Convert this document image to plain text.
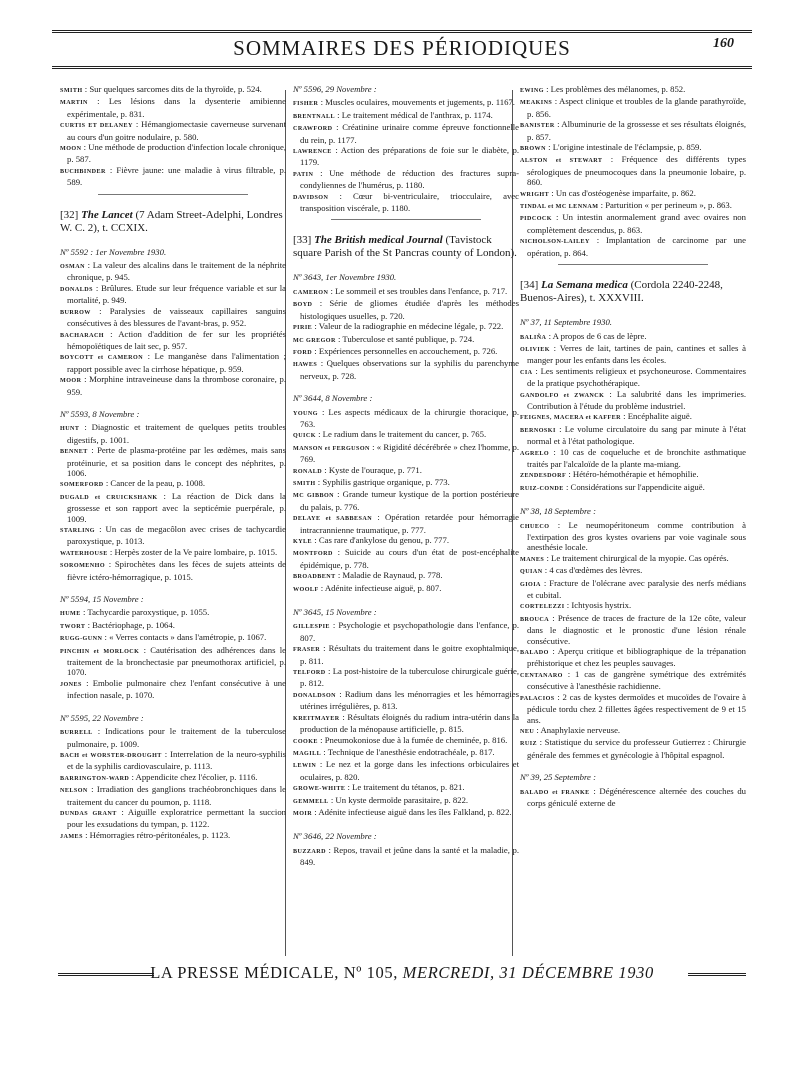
SOMMAIRES DES PÉRIODIQUES	160
SMITH : Sur quelques sarcomes dits de la thyroïde, p. 524.
MARTIN : Les lésions dans la dysenterie amibienne expérimentale, p. 831.
CURTIS ET DELANEY : Hémangiomectasie caverneuse survenant au cours d'un goitre nodulaire, p. 580.
MOON : Une méthode de production d'infection locale chronique, p. 587.
BUCHBINDER : Fièvre jaune: une maladie à virus filtrable, p. 589.
[32] The Lancet (7 Adam Street-Adelphi, Londres W. C. 2), t. CCXIX.
Nº 5592 : 1er Novembre 1930.
OSMAN : La valeur des alcalins dans le traitement de la néphrite chronique, p. 945.
DONALDS : Brûlures. Etude sur leur fréquence variable et sur la mortalité, p. 949.
BURROW : Paralysies de vaisseaux capillaires sanguins consécutives à des blessures de l'avant-bras, p. 952.
BACHARACH : Action d'addition de fer sur les propriétés hémopoïétiques de lait sec, p. 957.
BOYCOTT et CAMERON : Le manganèse dans l'alimentation ; rapport possible avec la cirrhose hépatique, p. 959.
MOOR : Morphine intraveineuse dans la thrombose coronaire, p. 959.
Nº 5593, 8 Novembre :
HUNT : Diagnostic et traitement de quelques petits troubles digestifs, p. 1001.
BENNET : Perte de plasma-protéine par les œdèmes, mais sans protéinurie, et sa position dans le concept des néphrites, p. 1006.
SOMERFORD : Cancer de la peau, p. 1008.
DUGALD et CRUICKSHANK : La réaction de Dick dans la grossesse et son rapport avec la septicémie puerpérale, p. 1009.
STARLING : Un cas de megacôlon avec crises de tachycardie paroxystique, p. 1013.
WATERHOUSE : Herpès zoster de la Ve paire lombaire, p. 1015.
SOROMENHO : Spirochètes dans les fèces de sujets atteints de fièvre ictéro-hémorragique, p. 1015.
Nº 5594, 15 Novembre :
HUME : Tachycardie paroxystique, p. 1055.
TWORT : Bactériophage, p. 1064.
RUGG-GUNN : « Verres contacts » dans l'amétropie, p. 1067.
PINCHIN et MORLOCK : Cautérisation des adhérences dans le traitement de la bronchectasie par pneumothorax artificiel, p. 1070.
JONES : Embolie pulmonaire chez l'enfant consécutive à une infection nasale, p. 1070.
Nº 5595, 22 Novembre :
BURRELL : Indications pour le traitement de la tuberculose pulmonaire, p. 1009.
BACH et WORSTER-DROUGHT : Interrelation de la neuro-syphilis et de la syphilis cardiovasculaire, p. 1113.
BARRINGTON-WARD : Appendicite chez l'écolier, p. 1116.
NELSON : Irradiation des ganglions trachéobronchiques dans le traitement du cancer du poumon, p. 1118.
DUNDAS GRANT : Aiguille exploratrice permettant la succion pour les exsudations du tympan, p. 1122.
JAMES : Hémorragies rétro-péritonéales, p. 1123.
Nº 5596, 29 Novembre :
FISHER : Muscles oculaires, mouvements et jugements, p. 1167.
BRENTNALL : Le traitement médical de l'anthrax, p. 1174.
CRAWFORD : Créatinine urinaire comme épreuve fonctionnelle du rein, p. 1177.
LAWRENCE : Action des préparations de foie sur le diabète, p. 1179.
PATIN : Une méthode de réduction des fractures supra-condyliennes de l'humérus, p. 1180.
DAVIDSON : Cœur bi-ventriculaire, triocculaire, avec transposition viscérale, p. 1180.
[33] The British medical Journal (Tavistock square Parish of the St Pancras county of London).
Nº 3643, 1er Novembre 1930.
CAMERON : Le sommeil et ses troubles dans l'enfance, p. 717.
BOYD : Série de gliomes étudiée d'après les méthodes histologiques usuelles, p. 720.
PIRIE : Valeur de la radiographie en médecine légale, p. 722.
MC GREGOR : Tuberculose et santé publique, p. 724.
FORD : Expériences personnelles en accouchement, p. 726.
HAWES : Quelques observations sur la syphilis du parenchyme nerveux, p. 728.
Nº 3644, 8 Novembre :
YOUNG : Les aspects médicaux de la chirurgie thoracique, p. 763.
QUICK : Le radium dans le traitement du cancer, p. 765.
MANSON et FERGUSON : « Rigidité décérébrée » chez l'homme, p. 769.
RONALD : Kyste de l'ouraque, p. 771.
SMITH : Syphilis gastrique organique, p. 773.
MC GIBBON : Grande tumeur kystique de la portion postérieure du palais, p. 776.
DELAYE et SABBESAN : Opération retardée pour hémorragie intracrannienne traumatique, p. 777.
KYLE : Cas rare d'ankylose du genou, p. 777.
MONTFORD : Suicide au cours d'un état de post-encéphalite épidémique, p. 778.
BROADBENT : Maladie de Raynaud, p. 778.
WOOLF : Adénite infectieuse aiguë, p. 807.
Nº 3645, 15 Novembre :
GILLESPIE : Psychologie et psychopathologie dans l'enfance, p. 807.
FRASER : Résultats du traitement dans le goitre exophtalmique, p. 811.
TELFORD : La post-histoire de la tuberculose chirurgicale guérie, p. 812.
DONALDSON : Radium dans les ménorragies et les hémorragies utérines irrégulières, p. 813.
KREITMAYER : Résultats éloignés du radium intra-utérin dans la production de la ménopause artificielle, p. 815.
COOKE : Pneumokoniose due à la fumée de cheminée, p. 816.
MAGILL : Technique de l'anesthésie endotrachéale, p. 817.
LEWIN : Le nez et la gorge dans les infections orbiculaires et oculaires, p. 820.
GROWE-WHITE : Le traitement du tétanos, p. 821.
GEMMELL : Un kyste dermoïde parasitaire, p. 822.
MOIR : Adénite infectieuse aiguë dans les îles Falkland, p. 822.
Nº 3646, 22 Novembre :
BUZZARD : Repos, travail et jeûne dans la santé et la maladie, p. 849.
EWING : Les problèmes des mélanomes, p. 852.
MEAKINS : Aspect clinique et troubles de la glande parathyroïde, p. 856.
BANISTER : Albuminurie de la grossesse et ses résultats éloignés, p. 857.
BROWN : L'origine intestinale de l'éclampsie, p. 859.
ALSTON et STEWART : Fréquence des différents types sérologiques de pneumocoques dans la pneumonie lobaire, p. 860.
WRIGHT : Un cas d'ostéogenèse imparfaite, p. 862.
TINDAL et MC LENNAM : Parturition « per perineum », p. 863.
PIDCOCK : Un intestin anormalement grand avec ovaires non complètement descendus, p. 863.
NICHOLSON-LAILEY : Implantation de carcinome par une opération, p. 864.
[34] La Semana medica (Cordola 2240-2248, Buenos-Aires), t. XXXVIII.
Nº 37, 11 Septembre 1930.
BALIÑA : A propos de 6 cas de lèpre.
OLIVIEK : Verres de lait, tartines de pain, cantines et salles à manger pour les enfants dans les écoles.
CIA : Les sentiments religieux et psychoneurose. Commentaires de la pratique psychothérapique.
GANDOLFO et ZWANCK : La salubrité dans les imprimeries. Contribution à l'étude du problème industriel.
FEIGNES, MACERA et KAFFER : Encéphalite aiguë.
BERNOSKI : Le volume circulatoire du sang par minute à l'état normal et à l'état pathologique.
AGRELO : 10 cas de coqueluche et de bronchite asthmatique traités par l'alcaloïde de la plante ma-miang.
ZENDESDORF : Hétéro-hémothérapie et hémophilie.
RUIZ-CONDE : Considérations sur l'appendicite aiguë.
Nº 38, 18 Septembre :
CHUECO : Le neumopéritoneum comme contribution à l'extirpation des gros kystes ovariens par voie vaginale sous anesthésie locale.
MANES : Le traitement chirurgical de la myopie. Cas opérés.
QUIAN : 4 cas d'œdèmes des lèvres.
GIOIA : Fracture de l'olécrane avec paralysie des nerfs médians et cubital.
CORTELEZZI : Ichtyosis hystrix.
BROUCA : Présence de traces de fracture de la 12e côte, valeur dans le diagnostic et le pronostic d'une lésion rénale consécutive.
BALADO : Aperçu critique et bibliographique de la trépanation préhistorique et chez les peuples sauvages.
CENTANARO : 1 cas de gangrène symétrique des extrémités consécutive à l'anesthésie rachidienne.
PALACIOS : 2 cas de kystes dermoïdes et mucoïdes de l'ovaire à pédicule tordu chez 2 fillettes âgées respectivement de 9 et 15 ans.
NEU : Anaphylaxie nerveuse.
RUIZ : Statistique du service du professeur Gutierrez : Chirurgie générale des femmes et gynécologie à l'hôpital espagnol.
Nº 39, 25 Septembre :
BALADO et FRANKE : Dégénérescence alternée des couches du corps géniculé externe de
LA PRESSE MÉDICALE, Nº 105, MERCREDI, 31 DÉCEMBRE 1930
